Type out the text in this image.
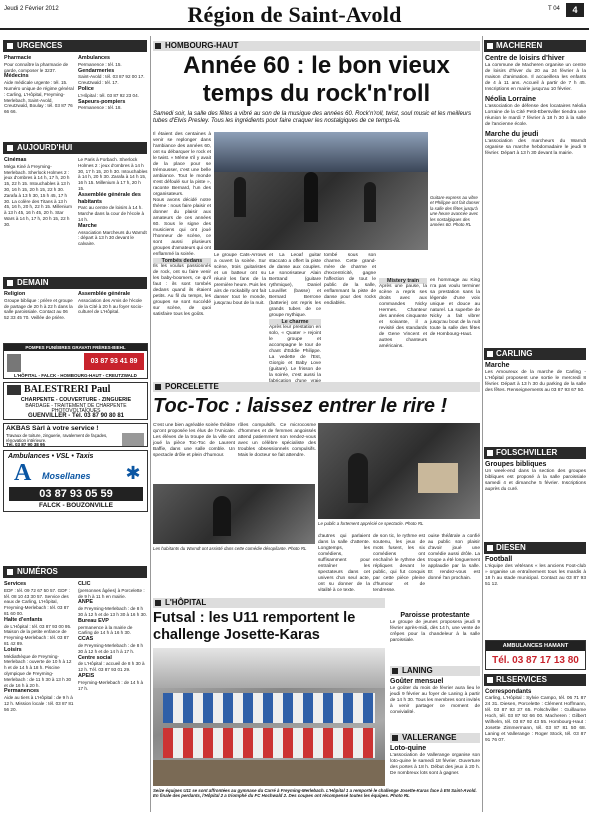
Jeudi 2 Février 2012	Région de Saint-Avold	T 04	4
URGENCES
Pharmacie
Pour connaître la pharmacie de garde, composer le 3237.
Médecins
Aide médicale urgente : tél. 15. Numéro unique de régime général : Carling, L'Hôpital, Freyming-Merlebach, Saint-Avold, Creutzwald, Boulay : tél. 03 87 76 66 66.
Ambulances
Permanence : tél. 15.
Gendarmeries
Saint-Avold : tél. 03 87 92 00 17. Creutzwald : tél. 17.
Police
L'Hôpital : tél. 03 87 92 23 04.
Sapeurs-pompiers
Permanence : tél. 18.
AUJOURD'HUI
Cinémas
Méga Kiné à Freyming-Merlebach. Sherlock Holmes 2 : jeux d'ombres à 14 h, 17 h, 20 h 15, 22 h 15. Intouchables à 13 h 30, 16 h 15, 20 h 15, 22 h 30. Zarafa à 13 h 30, 15 h 45, 17 h 30. La colère des Titans à 13 h 45, 16 h, 20 h, 22 h 15. Millenium à 13 h 45, 16 h 45, 20 h. Star Wars à 14 h, 17 h, 20 h 15, 22 h 30.
Le Paris à Forbach. Sherlock Holmes 2 : jeux d'ombres à 14 h 30, 17 h 15, 20 h 30. Intouchables à 14 h, 20 h 30. Zarafa à 14 h 15, 16 h 15. Millenium à 17 h, 20 h 15.
Assemblée générale des habitants
Parc au centre de loisirs à 14 h. Marche dans la cour de l'école à 14 h.
Marche
Association Marcheurs du Warndt : départ à 13 h 30 devant le calvaire.
DEMAIN
Religion
Groupe biblique : prière et groupe de partage de 20 h à 22 h dans la salle paroissiale. Contact au 06 52 33 45 70. Veillée de prière.
Assemblée générale
Association des Amis de l'école de la Cité à 20 h au foyer socio-culturel de L'Hôpital.
POMPES FUNÈBRES GRAVATI FRÈRES-BIEHL
03 87 93 41 89
L'HÔPITAL - FALCK - HOMBOURG-HAUT - CREUTZWALD
BALESTRERI Paul
CHARPENTE - COUVERTURE - ZINGUERIE
BARDAGE - TRAITEMENT DE CHARPENTE
PHOTOVOLTAÏQUES
GUENVILLER - Tél. 03 87 90 80 81
AKBAS Sàrl à votre service !
Travaux de toiture, zinguerie, ravalement de façades, rénovation intérieure.
Tél. 03 87 90 38 95
Ambulances • VSL • Taxis
A	Mosellanes	✱
03 87 93 05 59
FALCK - BOUZONVILLE
NUMÉROS
Services
EDF : tél. 09 72 67 50 57. GDF : tél. 08 10 43 30 57. Service des eaux de Carling, L'Hôpital, Freyming-Merlebach : tél. 03 87 81 60 00.
Halte d'enfants
de L'Hôpital : tél. 03 87 93 00 95. Maison de la petite enfance de Freyming-Merlebach : tél. 03 87 81 42 89.
Loisirs
Médiathèque de Freyming-Merlebach : ouverte de 10 h à 12 h et de 14 h à 18 h. Piscine olympique de Freyming-Merlebach : de 11 h 30 à 13 h 30 et de 16 h à 20 h.
Permanences
Aide au tiers à L'Hôpital : de 9 h à 12 h. Mission locale : tél. 03 87 81 56 20.
CLIC
(personnes âgées) à Porcelette : de 9 h à 11 h en mairie.
ANPE
de Freyming-Merlebach : de 8 h 30 à 12 h et de 13 h 30 à 16 h 30.
Bureau EVP
permanence à la mairie de Carling de 14 h à 16 h 30.
CCAS
de Freyming-Merlebach : de 8 h 30 à 12 h et de 14 h à 17 h.
Centre social
de L'Hôpital : accueil de 8 h 30 à 12 h. Tél. 03 87 93 01 29.
APEIS
Freyming-Merlebach : de 14 h à 17 h.
HOMBOURG-HAUT
Année 60 : le bon vieux temps du rock'n'roll
Samedi soir, la salle des fêtes a vibré au son de la musique des années 60. Rock'n'roll, twist, soul music et les meilleurs tubes d'Elvis Presley. Tous les ingrédients pour faire craquer les nostalgiques de ce temps-là.

Il étaient des centaines à venir se replonger dans l'ambiance des années 60, ont su débarquer le rock et le twist. « Même s'il y avait de la place pour se trémousser, c'est une belle ambiance. Tout le monde s'est défoulé sur la piste », raconte Bernard, l'un des organisateurs.

Nous avons décidé notre thème : nous faire plaisir et donner du plaisir aux amateurs de ces années 60. Sous le signe des musiciens qui ont joué l'honneur de scène, ce sont aussi plusieurs groupes d'amateurs qui ont enflammé la soirée.

Tombés dedans

Ils les voulus passionnés de rock, ont su faire venir les baby-boomers, ce qu'il faut : ils sont tombés dedans quand ils étaient petits. Au fil du temps, les groupes se sont succédé sur scène, de quoi satisfaire tous les goûts.

Guitare express au vibre et Philippe ont fait danser la salle des fêtes jusqu'à une heure avancée avec les nostalgiques des années 60. Photo RL

Le groupe Cats-Arrows a ouvert la soirée. Sur scène, trois guitaristes et un batteur ont su réunir les fans de la première heure. Puis les airs de rockabilly ont fait danser tout le monde, jusqu'au bout de la nuit.

et La Leoaf guitar staccato a offert la piste de danse aux couples. Le sonorisateur Alain Bertrand (guitare rythmique), Daniel Louvillet (basse) et Bernard Berrone (batterie) ont repris les grands tubes de ce groupe mythique.

Le charme

Après leur prestation en solo, « Quater » rejoint le groupe et accompagne le tour de chant d'Eddie Philippe. La vedette de l'Est, Giorgio et Baby Love (guitare). Le frisson de la soirée, c'est aussi la

tombé sous son charme. Cette grand-mère de charme et d'excentricité, gagne l'affection de tout le public de la salle, enflammant la piste de danse pour des rocks endiablés.

Mistery train

Après une pause, la scène a repris ses droits avec aux commandes Nicky Hermes. Chanteur des années cinquante et soixante, il a revisité des standards de Gene Vincent et autres chanteurs américains.

en hommage au King n'a pas voulu terminer sa prestation sans la légende d'une voix unique et douce au naturel. La superbe de Nicky a fait vibrer jusqu'au bout de la nuit toute la salle des fêtes de Hombourg-Haut.

PORCELETTE
Toc-Toc : laissez entrer le rire !

C'est une bien agréable soirée théâtre qu'ont proposée les élus de l'Amicale. Les élèves de la troupe de la ville ont joué la pièce Toc-Toc de Laurent Baffie, dans une salle comble. Un spectacle drôle et plein d'humour.

rôles compulsifs. Ce microcosme d'hommes et de femmes angoissés attend patiemment son rendez-vous avec un célèbre spécialiste des troubles obsessionnels compulsifs. Mais le docteur se fait attendre.

Le public a fortement apprécié ce spectacle. Photo RL
Les habitants du Warndt ont assisté dans cette comédie désopilante. Photo RL

d'autres qui parlaient dans la salle d'attente. Longtemps, les comédiens, suffisamment pour entraîner les spectateurs dans cet univers d'un seul acte, ont su donner de la vitalité à ce texte.

de son tic, le rythme est soutenu, les jeux de mots fusent, les six comédiens ont enchaîné le rythme des répliques devant le public, qui fut conquis par cette pièce pleine d'humour et de tendresse.

ouise théâtrale a confié au public son plaisir d'avoir joué une comédie aussi drôle. La troupe a été longuement applaudie par la salle. Et rendez-vous est donné l'an prochain.

L'HÔPITAL
Futsal : les U11 remportent le challenge Josette-Karas
Seize équipes U11 se sont affrontées au gymnase du Carré à Freyming-Merlebach. L'Hôpital 1 a remporté le challenge Josette-Karas face à EN Saint-Avold. En finale des perdants, l'Hôpital 2 a triomphé du FC Hochwald 2. Des coupes ont récompensé toutes les équipes. Photo RL
Paroisse protestante
Le groupe de jeunes proposera jeudi 9 février après-midi, dès 14 h, une vente de crêpes pour la chandeleur à la salle paroissiale.
LANING
Goûter mensuel
Le goûter du mois de février aura lieu le jeudi 9 février au foyer de Laning à partir de 14 h 30. Tous les membres sont invités à venir partager ce moment de convivialité.
VALLERANGE
Loto-quine
L'association de Vallerange organise son loto-quine le samedi 18 février. Ouverture des portes à 18 h. Début des jeux à 20 h. De nombreux lots sont à gagner.
MACHEREN
Centre de loisirs d'hiver
La commune de Macheren organise un centre de loisirs d'hiver du 20 au 24 février à la maison d'animation. Il accueillera les enfants de 4 à 11 ans. Accueil à partir de 7 h 45. Inscriptions en mairie jusqu'au 10 février.
Néolia Lorraine
L'association de défense des locataires Néolia Lorraine de la Cité Petit-Ebersviller tiendra une réunion le mardi 7 février à 18 h 30 à la salle de l'ancienne école.
Marche du jeudi
L'association des marcheurs du Warndt organise sa marche hebdomadaire le jeudi 9 février. Départ à 13 h 30 devant la mairie.
CARLING
Marche
Les Amoureux de la marche de Carling - L'Hôpital proposent une sortie le mercredi 8 février. Départ à 13 h 30 du parking de la salle des fêtes. Renseignements au 03 87 93 67 50.
FOLSCHVILLER
Groupes bibliques
Un week-end dans la section des groupes bibliques est proposé à la salle paroissiale samedi 4 et dimanche 5 février. Inscriptions auprès du curé.
DIESEN
Football
L'équipe des vétérans « les anciens Foot-club » organise un entraînement tous les mardis à 18 h au stade municipal. Contact au 03 87 93 51 12.
AMBULANCES HAMANT
Tél. 03 87 17 13 80
RLSERVICES
Correspondants
Carling, L'Hôpital : Sylvie Campo, tél. 06 71 87 24 31. Diesen, Porcelette : Clément Hoffmann, tél. 03 87 93 27 65. Folschviller : Guillaume Hoch, tél. 03 87 92 66 00. Macheren : Gilbert Wilhelm, tél. 03 87 92 43 55. Hombourg-Haut : Josette Zimmermann, tél. 03 87 81 50 68. Laning et Vallerange : Roger Stock, tél. 03 87 91 76 07.
